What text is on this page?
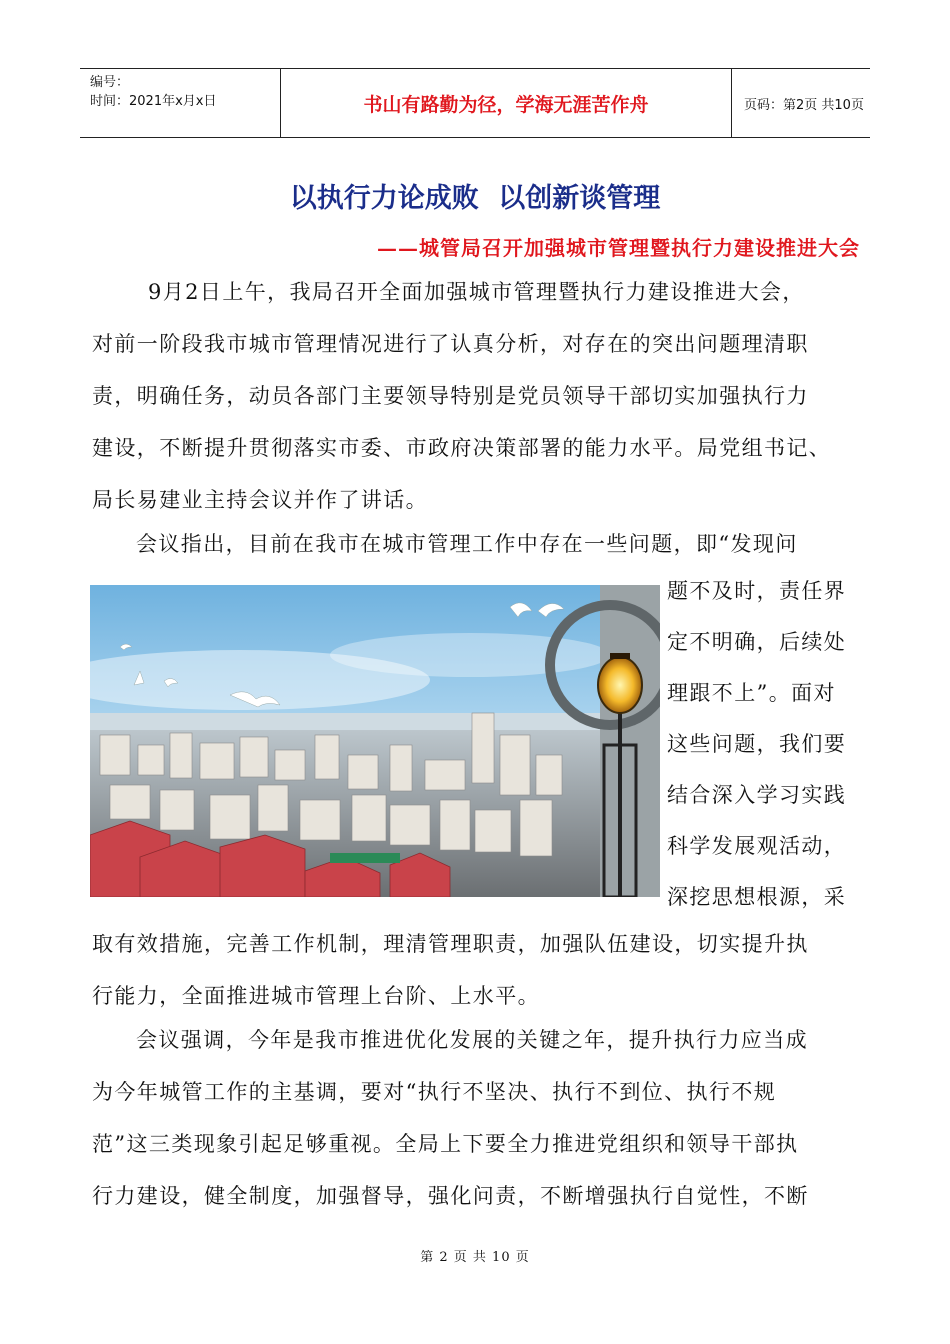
编号：
时间：2021年x月x日	书山有路勤为径，学海无涯苦作舟	页码：第2页 共10页
以执行力论成败 以创新谈管理
——城管局召开加强城市管理暨执行力建设推进大会
9月2日上午，我局召开全面加强城市管理暨执行力建设推进大会，
对前一阶段我市城市管理情况进行了认真分析，对存在的突出问题理清职
责，明确任务，动员各部门主要领导特别是党员领导干部切实加强执行力
建设，不断提升贯彻落实市委、市政府决策部署的能力水平。局党组书记、
局长易建业主持会议并作了讲话。
会议指出，目前在我市在城市管理工作中存在一些问题，即“发现问
题不及时，责任界
定不明确，后续处
理跟不上”。面对
这些问题，我们要
结合深入学习实践
科学发展观活动，
深挖思想根源，采
取有效措施，完善工作机制，理清管理职责，加强队伍建设，切实提升执
行能力，全面推进城市管理上台阶、上水平。
会议强调，今年是我市推进优化发展的关键之年，提升执行力应当成
为今年城管工作的主基调，要对“执行不坚决、执行不到位、执行不规
范”这三类现象引起足够重视。全局上下要全力推进党组织和领导干部执
行力建设，健全制度，加强督导，强化问责，不断增强执行自觉性，不断
第 2 页 共 10 页
